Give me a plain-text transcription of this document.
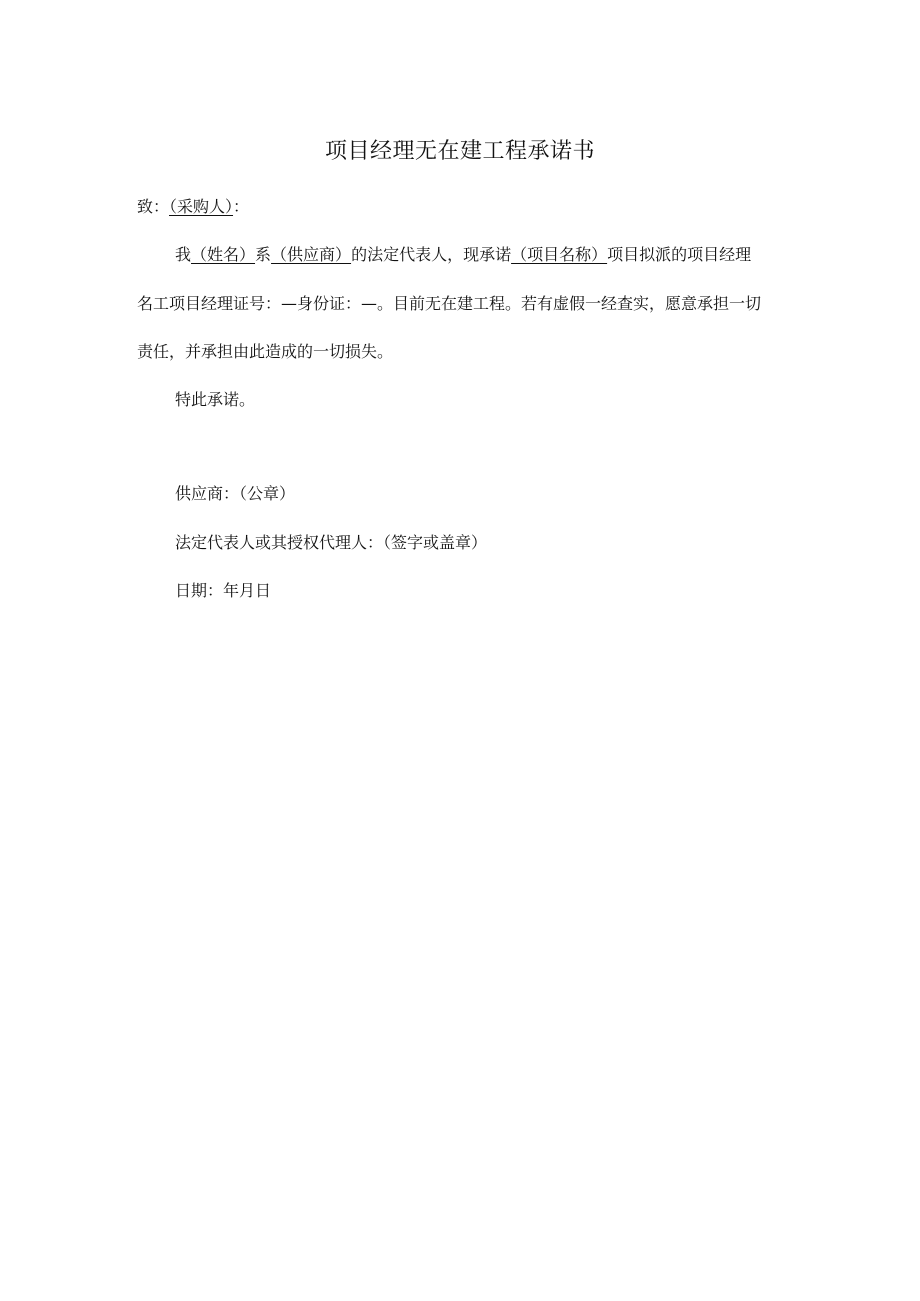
项目经理无在建工程承诺书
致：（采购人）：
我（姓名）系（供应商）的法定代表人，现承诺（项目名称）项目拟派的项目经理
名工项目经理证号：—身份证：—。目前无在建工程。若有虚假一经查实，愿意承担一切
责任，并承担由此造成的一切损失。
特此承诺。
供应商：（公章）
法定代表人或其授权代理人：（签字或盖章）
日期：年月日
